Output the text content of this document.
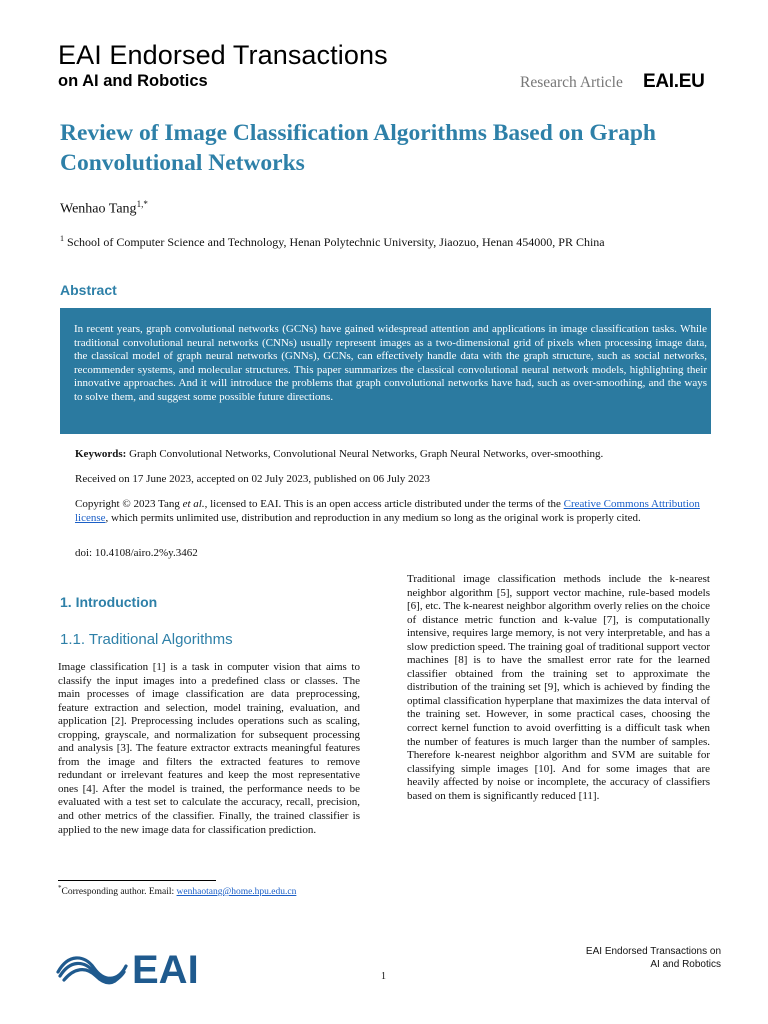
EAI Endorsed Transactions
on AI and Robotics	Research Article EAI.EU
Review of Image Classification Algorithms Based on Graph Convolutional Networks
Wenhao Tang$^{1,*}$
$^1$ School of Computer Science and Technology, Henan Polytechnic University, Jiaozuo, Henan 454000, PR China
Abstract
In recent years, graph convolutional networks (GCNs) have gained widespread attention and applications in image classification tasks. While traditional convolutional neural networks (CNNs) usually represent images as a two-dimensional grid of pixels when processing image data, the classical model of graph neural networks (GNNs), GCNs, can effectively handle data with the graph structure, such as social networks, recommender systems, and molecular structures. This paper summarizes the classical convolutional neural network models, highlighting their innovative approaches. And it will introduce the problems that graph convolutional networks have had, such as over-smoothing, and the ways to solve them, and suggest some possible future directions.
Keywords: Graph Convolutional Networks, Convolutional Neural Networks, Graph Neural Networks, over-smoothing.
Received on 17 June 2023, accepted on 02 July 2023, published on 06 July 2023
Copyright © 2023 Tang et al., licensed to EAI. This is an open access article distributed under the terms of the Creative Commons Attribution license, which permits unlimited use, distribution and reproduction in any medium so long as the original work is properly cited.
doi: 10.4108/airo.2%y.3462
1. Introduction
1.1. Traditional Algorithms
Image classification [1] is a task in computer vision that aims to classify the input images into a predefined class or classes. The main processes of image classification are data preprocessing, feature extraction and selection, model training, evaluation, and application [2]. Preprocessing includes operations such as scaling, cropping, grayscale, and normalization for subsequent processing and analysis [3]. The feature extractor extracts meaningful features from the image and filters the extracted features to remove redundant or irrelevant features and keep the most representative ones [4]. After the model is trained, the performance needs to be evaluated with a test set to calculate the accuracy, recall, precision, and other metrics of the classifier. Finally, the trained classifier is applied to the new image data for classification prediction.
Traditional image classification methods include the k-nearest neighbor algorithm [5], support vector machine, rule-based models [6], etc. The k-nearest neighbor algorithm overly relies on the choice of distance metric function and k-value [7], is computationally intensive, requires large memory, is not very interpretable, and has a slow prediction speed. The training goal of traditional support vector machines [8] is to have the smallest error rate for the learned classifier obtained from the training set to approximate the distribution of the training set [9], which is achieved by finding the optimal classification hyperplane that maximizes the data interval of the training set. However, in some practical cases, choosing the correct kernel function to avoid overfitting is a difficult task when the number of features is much larger than the number of samples. Therefore k-nearest neighbor algorithm and SVM are suitable for classifying simple images [10]. And for some images that are heavily affected by noise or incomplete, the accuracy of classifiers based on them is significantly reduced [11].
*Corresponding author. Email: wenhaotang@home.hpu.edu.cn
EAI	1
EAI Endorsed Transactions on
AI and Robotics
